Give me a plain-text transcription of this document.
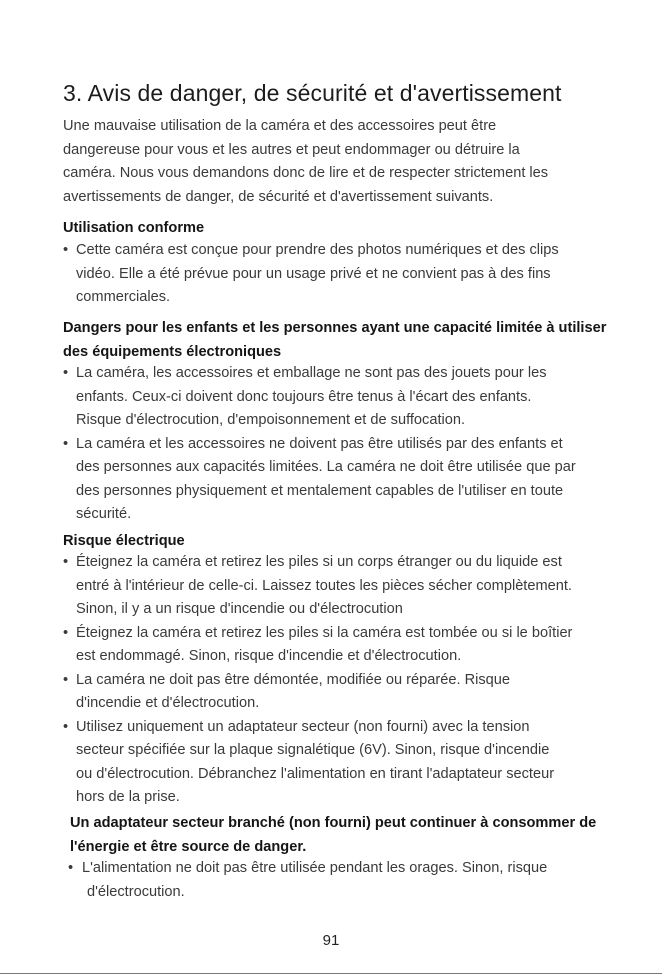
3. Avis de danger, de sécurité et d'avertissement
Une mauvaise utilisation de la caméra et des accessoires peut être
dangereuse pour vous et les autres et peut endommager ou détruire la
caméra. Nous vous demandons donc de lire et de respecter strictement les
avertissements de danger, de sécurité et d'avertissement suivants.
Utilisation conforme
• Cette caméra est conçue pour prendre des photos numériques et des clips
vidéo. Elle a été prévue pour un usage privé et ne convient pas à des fins
commerciales.
Dangers pour les enfants et les personnes ayant une capacité limitée à utiliser
des équipements électroniques
• La caméra, les accessoires et emballage ne sont pas des jouets pour les
enfants. Ceux-ci doivent donc toujours être tenus à l'écart des enfants.
Risque d'électrocution, d'empoisonnement et de suffocation.
• La caméra et les accessoires ne doivent pas être utilisés par des enfants et
des personnes aux capacités limitées. La caméra ne doit être utilisée que par
des personnes physiquement et mentalement capables de l'utiliser en toute
sécurité.
Risque électrique
• Éteignez la caméra et retirez les piles si un corps étranger ou du liquide est
entré à l'intérieur de celle-ci. Laissez toutes les pièces sécher complètement.
Sinon, il y a un risque d'incendie ou d'électrocution
• Éteignez la caméra et retirez les piles si la caméra est tombée ou si le boîtier
est endommagé. Sinon, risque d'incendie et d'électrocution.
• La caméra ne doit pas être démontée, modifiée ou réparée. Risque
d'incendie et d'électrocution.
• Utilisez uniquement un adaptateur secteur (non fourni) avec la tension
secteur spécifiée sur la plaque signalétique (6V). Sinon, risque d'incendie
ou d'électrocution. Débranchez l'alimentation en tirant l'adaptateur secteur
hors de la prise.
Un adaptateur secteur branché (non fourni) peut continuer à consommer de
l'énergie et être source de danger.
• L'alimentation ne doit pas être utilisée pendant les orages. Sinon, risque
d'électrocution.
91
